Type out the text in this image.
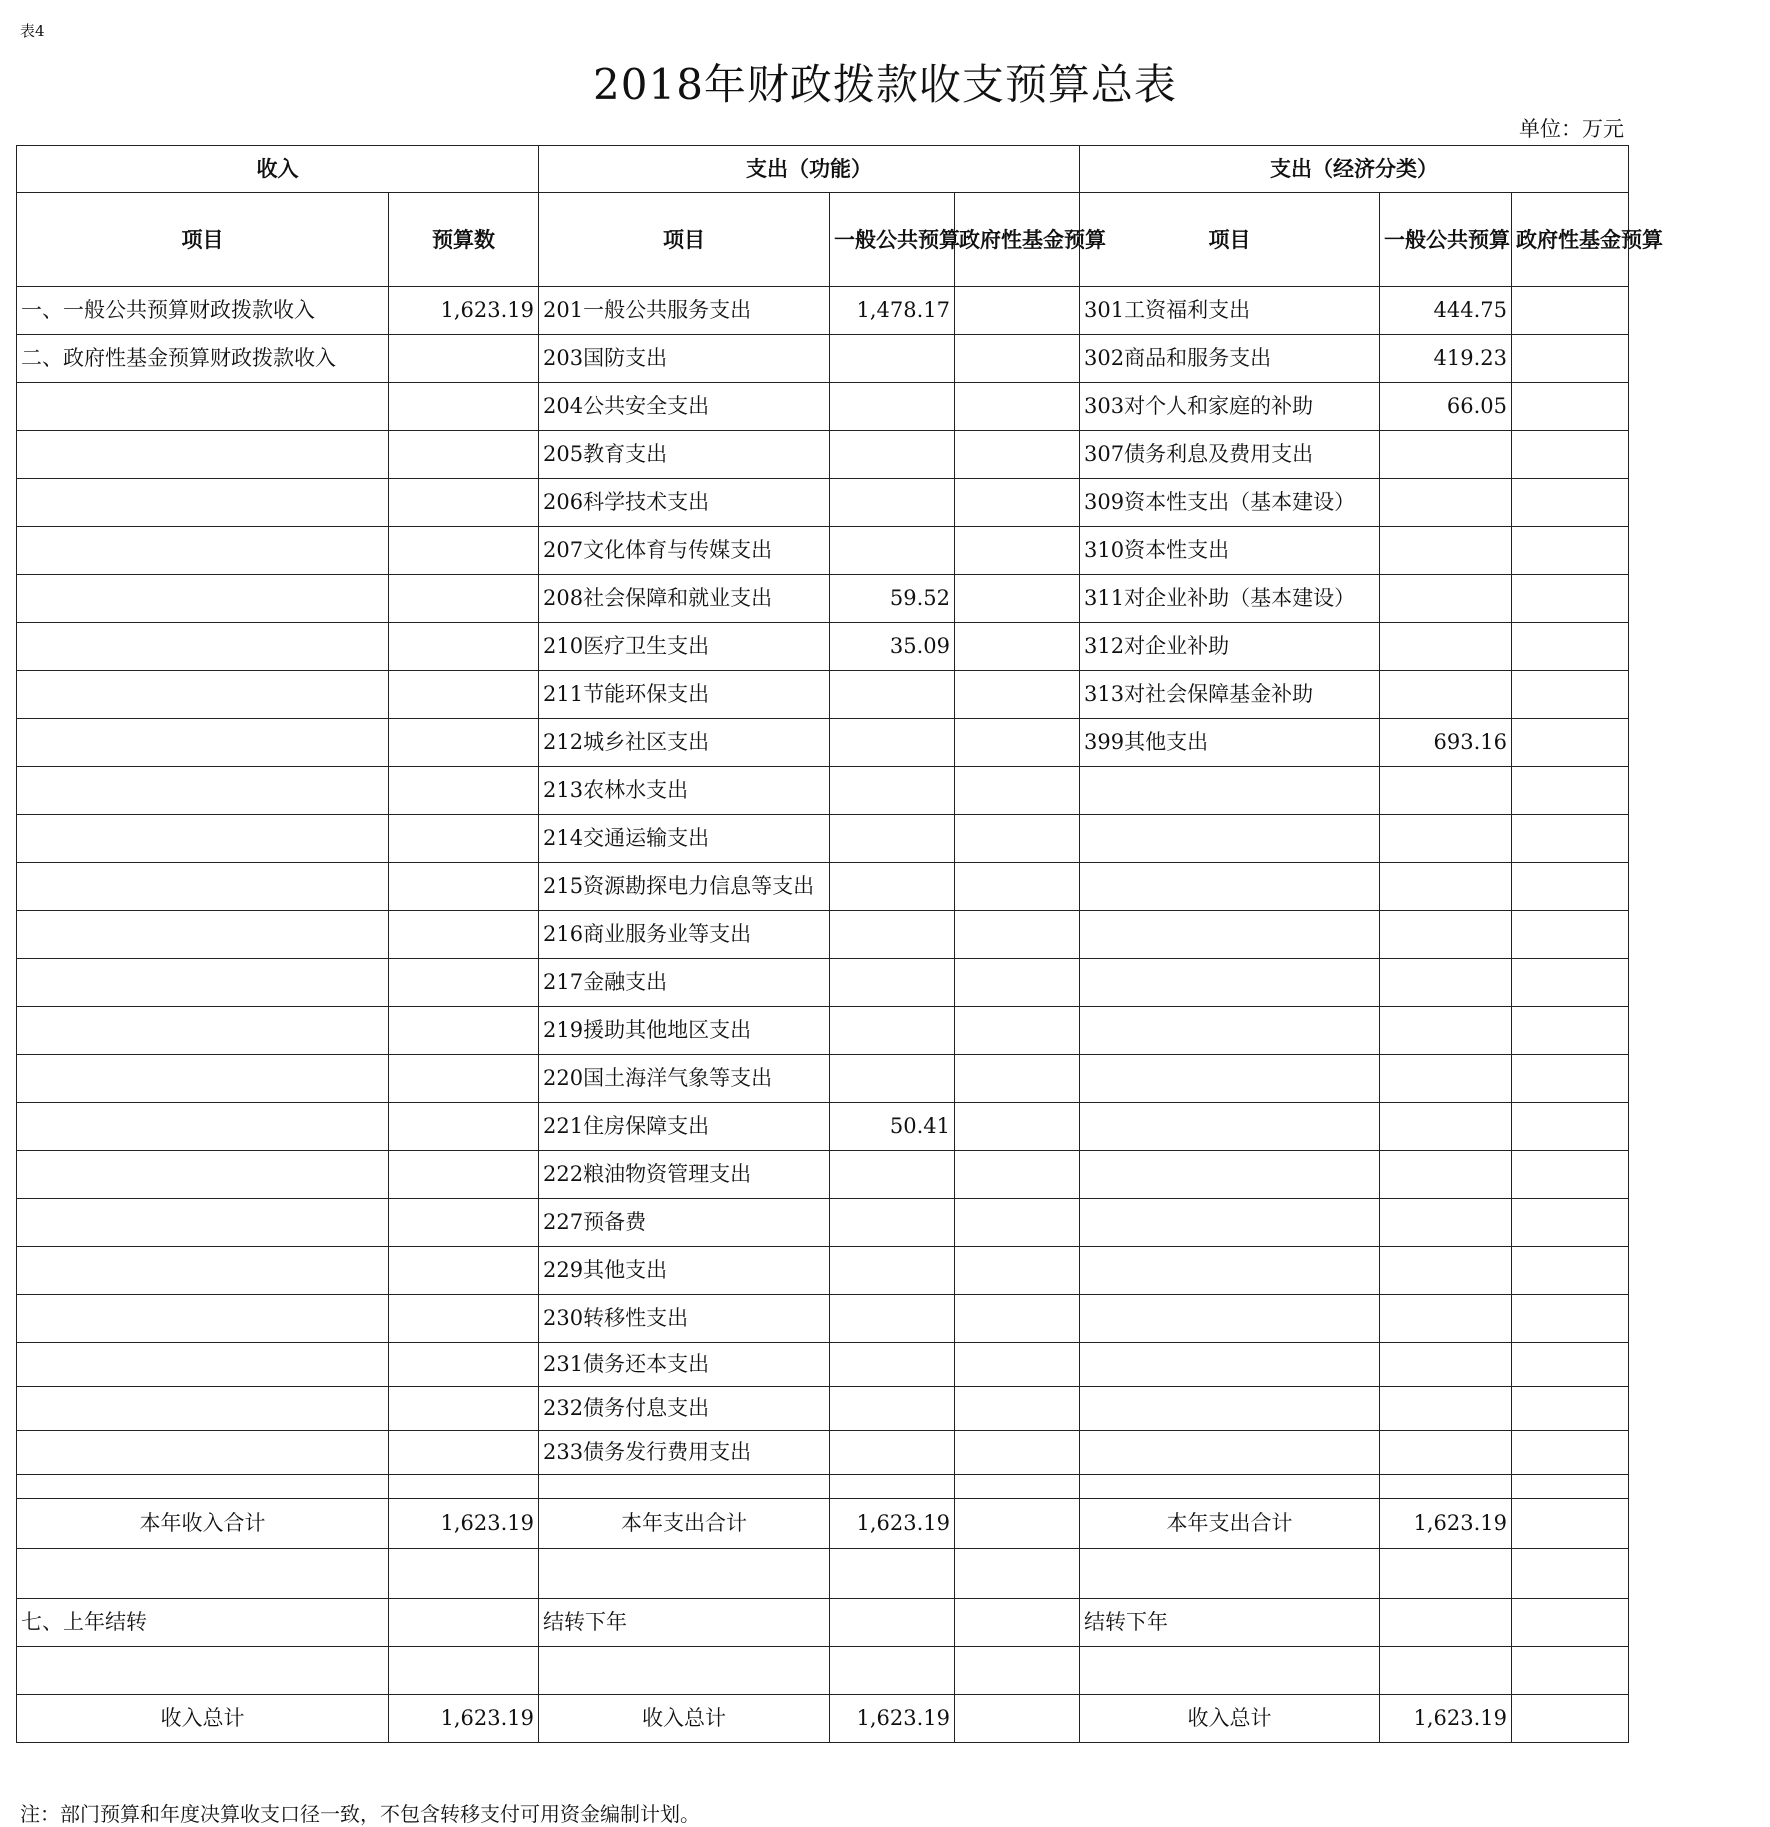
表4
2018年财政拨款收支预算总表
单位：万元
收入		支出（功能）			支出（经济分类）		
项目	预算数	项目	一般公共预算	政府性基金预算	项目	一般公共预算	政府性基金预算
一、一般公共预算财政拨款收入	1,623.19	201一般公共服务支出	1,478.17		301工资福利支出	444.75	
二、政府性基金预算财政拨款收入		203国防支出			302商品和服务支出	419.23	
		204公共安全支出			303对个人和家庭的补助	66.05	
		205教育支出			307债务利息及费用支出		
		206科学技术支出			309资本性支出（基本建设）		
		207文化体育与传媒支出			310资本性支出		
		208社会保障和就业支出	59.52		311对企业补助（基本建设）		
		210医疗卫生支出	35.09		312对企业补助		
		211节能环保支出			313对社会保障基金补助		
		212城乡社区支出			399其他支出	693.16	
		213农林水支出					
		214交通运输支出					
		215资源勘探电力信息等支出					
		216商业服务业等支出					
		217金融支出					
		219援助其他地区支出					
		220国土海洋气象等支出					
		221住房保障支出	50.41				
		222粮油物资管理支出					
		227预备费					
		229其他支出					
		230转移性支出					
		231债务还本支出					
		232债务付息支出					
		233债务发行费用支出					

本年收入合计	1,623.19	本年支出合计	1,623.19		本年支出合计	1,623.19	

七、上年结转		结转下年			结转下年		

收入总计	1,623.19	收入总计	1,623.19		收入总计	1,623.19	
注：部门预算和年度决算收支口径一致，不包含转移支付可用资金编制计划。
